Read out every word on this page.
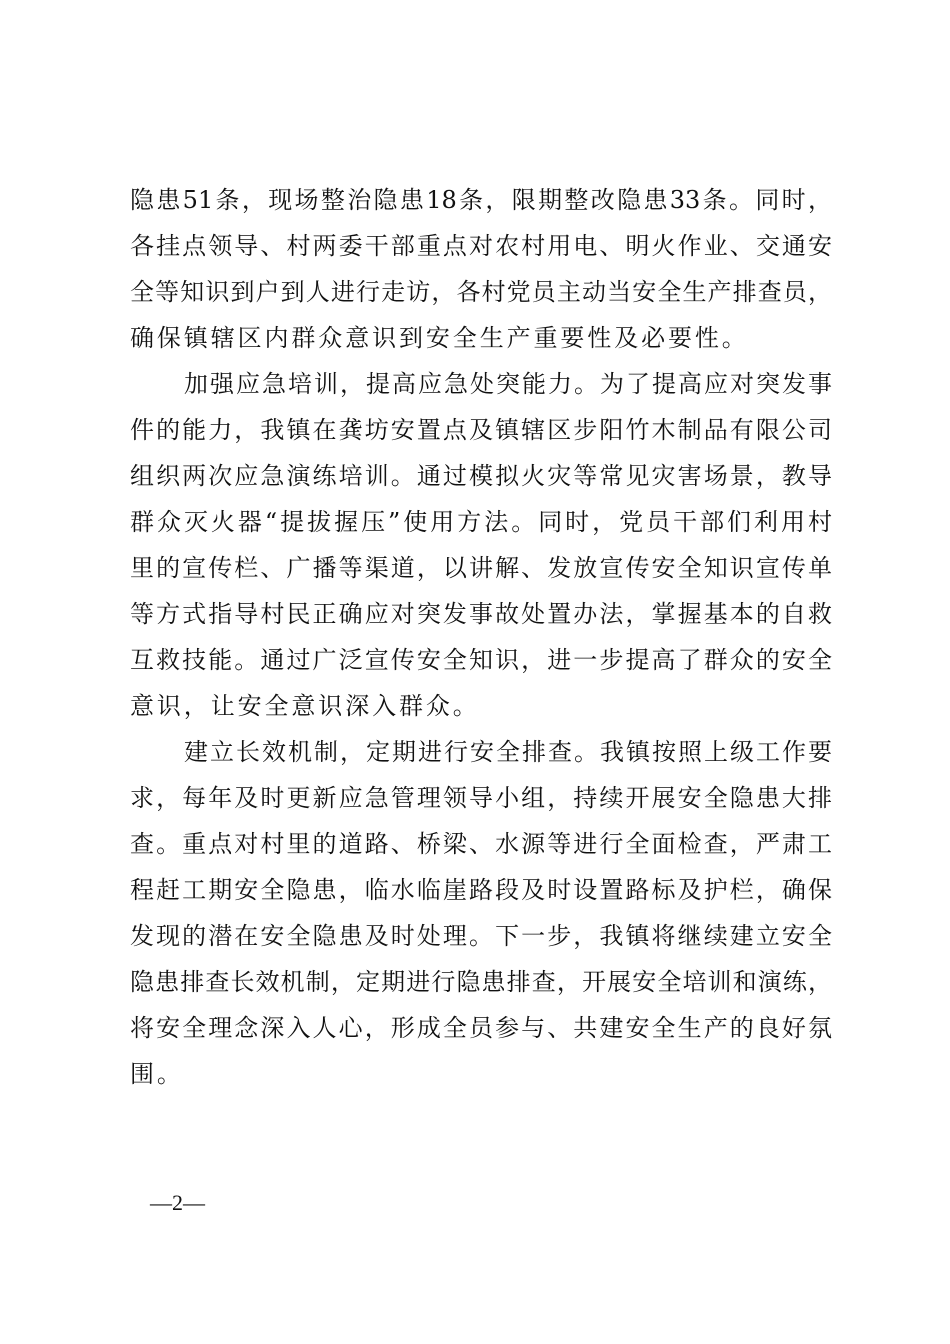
隐患51条，现场整治隐患18条，限期整改隐患33条。同时，
各挂点领导、村两委干部重点对农村用电、明火作业、交通安
全等知识到户到人进行走访，各村党员主动当安全生产排查员，
确保镇辖区内群众意识到安全生产重要性及必要性。
加强应急培训，提高应急处突能力。为了提高应对突发事
件的能力，我镇在龚坊安置点及镇辖区步阳竹木制品有限公司
组织两次应急演练培训。通过模拟火灾等常见灾害场景，教导
群众灭火器“提拔握压”使用方法。同时，党员干部们利用村
里的宣传栏、广播等渠道，以讲解、发放宣传安全知识宣传单
等方式指导村民正确应对突发事故处置办法，掌握基本的自救
互救技能。通过广泛宣传安全知识，进一步提高了群众的安全
意识，让安全意识深入群众。
建立长效机制，定期进行安全排查。我镇按照上级工作要
求，每年及时更新应急管理领导小组，持续开展安全隐患大排
查。重点对村里的道路、桥梁、水源等进行全面检查，严肃工
程赶工期安全隐患，临水临崖路段及时设置路标及护栏，确保
发现的潜在安全隐患及时处理。下一步，我镇将继续建立安全
隐患排查长效机制，定期进行隐患排查，开展安全培训和演练，
将安全理念深入人心，形成全员参与、共建安全生产的良好氛
围。
—2—
